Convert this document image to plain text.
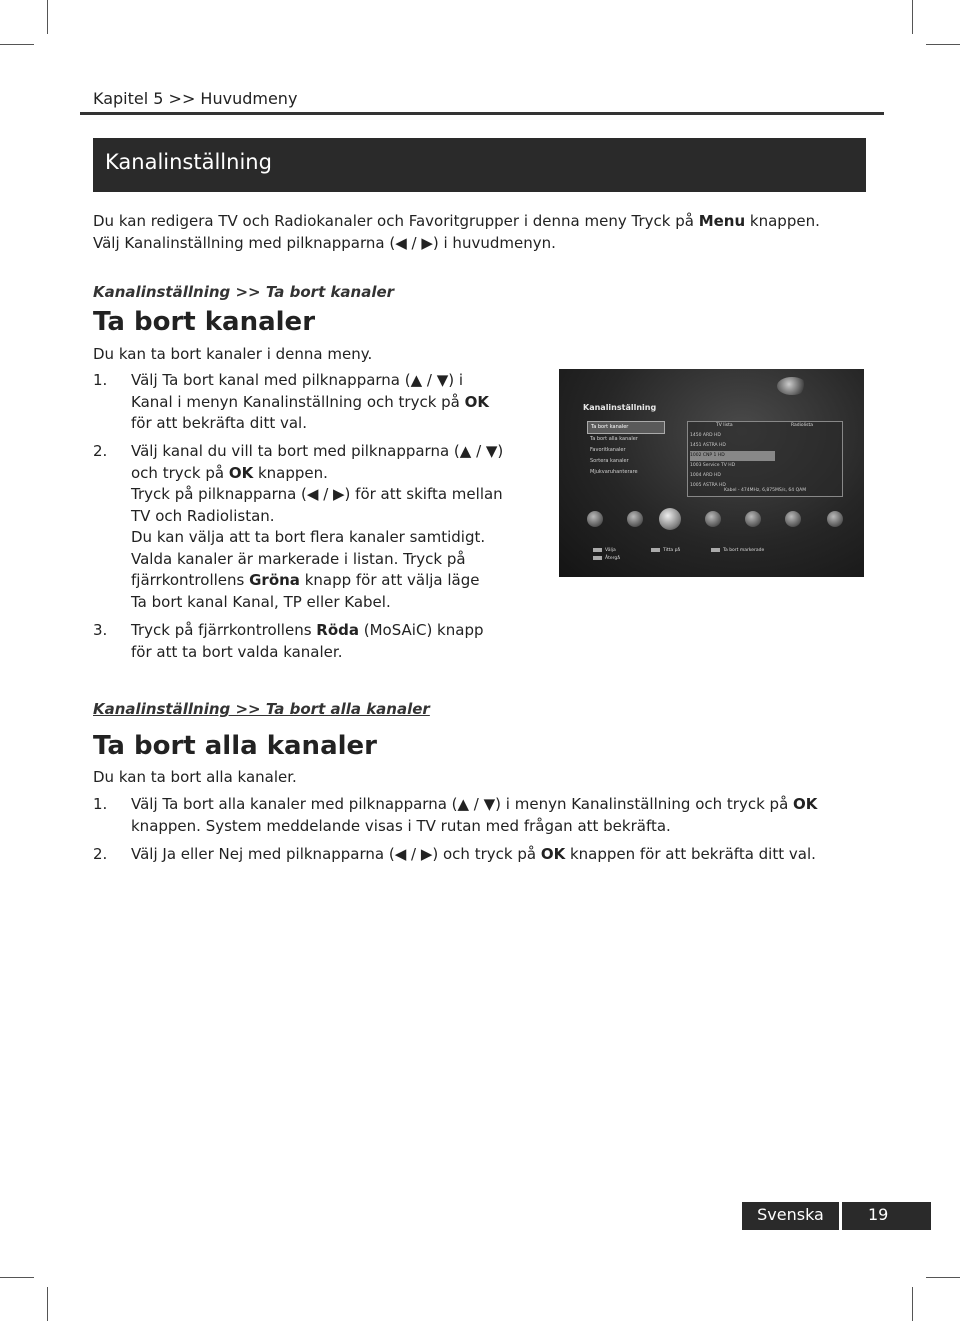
Kapitel 5 >> Huvudmeny
Kanalinställning
Du kan redigera TV och Radiokanaler och Favoritgrupper i denna meny Tryck på Menu knappen.
Välj Kanalinställning med pilknapparna (◀ / ▶) i huvudmenyn.
Kanalinställning >> Ta bort kanaler
Ta bort kanaler
Du kan ta bort kanaler i denna meny.
1. Välj Ta bort kanal med pilknapparna (▲ / ▼) i
Kanal i menyn Kanalinställning och tryck på OK
för att bekräfta ditt val.
2. Välj kanal du vill ta bort med pilknapparna (▲ / ▼)
och tryck på OK knappen.
Tryck på pilknapparna (◀ / ▶) för att skifta mellan
TV och Radiolistan.
Du kan välja att ta bort flera kanaler samtidigt.
Valda kanaler är markerade i listan. Tryck på
fjärrkontrollens Gröna knapp för att välja läge
Ta bort kanal Kanal, TP eller Kabel.
3. Tryck på fjärrkontrollens Röda (MoSAiC) knapp
för att ta bort valda kanaler.
Kanalinställning
Ta bort kanaler
Ta bort alla kanaler
Favoritkanaler
Sortera kanaler
Mjukvaruhanterare
TV lista	Radiolista
1450 ARD HD
1451 ASTRA HD
1002 CNP 1 HD
1003 Service TV HD
1004 ARD HD
1005 ASTRA HD
Kabel - 474MHz, 6,875MS/s, 64 QAM
Välja
Återgå
Titta på	Ta bort markerade
Kanalinställning >> Ta bort alla kanaler
Ta bort alla kanaler
Du kan ta bort alla kanaler.
1. Välj Ta bort alla kanaler med pilknapparna (▲ / ▼) i menyn Kanalinställning och tryck på OK
knappen. System meddelande visas i TV rutan med frågan att bekräfta.
2. Välj Ja eller Nej med pilknapparna (◀ / ▶) och tryck på OK knappen för att bekräfta ditt val.
Svenska	19
